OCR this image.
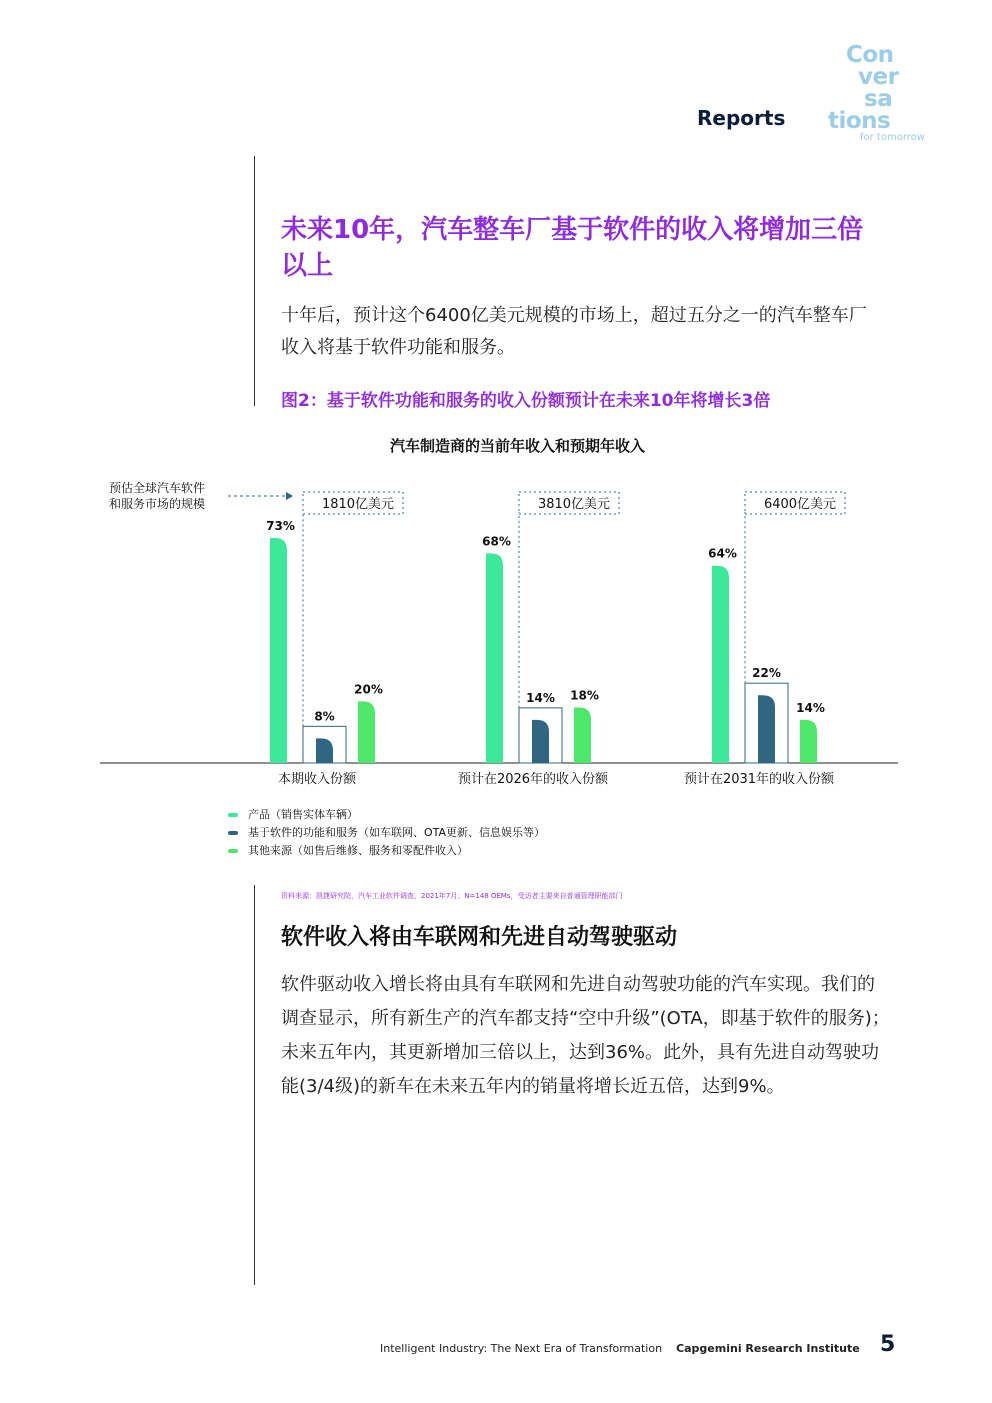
Reports
Con
ver
sa
tions
for tomorrow
未来10年，汽车整车厂基于软件的收入将增加三倍以上
十年后，预计这个6400亿美元规模的市场上，超过五分之一的汽车整车厂收入将基于软件功能和服务。
图2：基于软件功能和服务的收入份额预计在未来10年将增长3倍
汽车制造商的当前年收入和预期年收入
预估全球汽车软件
和服务市场的规模
73%
8%
20%
1810亿美元
本期收入份额
68%
14% 18%
3810亿美元
预计在2026年的收入份额
64%
22%
14%
6400亿美元
预计在2031年的收入份额
产品（销售实体车辆）
基于软件的功能和服务（如车联网、OTA更新、信息娱乐等）
其他来源（如售后维修、服务和零配件收入）
资料来源：凯捷研究院，汽车工业软件调查，2021年7月；N=148 OEMs，受访者主要来自普通管理职能部门
软件收入将由车联网和先进自动驾驶驱动
软件驱动收入增长将由具有车联网和先进自动驾驶功能的汽车实现。我们的调查显示，所有新生产的汽车都支持“空中升级”(OTA，即基于软件的服务)；　未来五年内，其更新增加三倍以上，达到36%。此外，具有先进自动驾驶功能(3/4级)的新车在未来五年内的销量将增长近五倍，达到9%。
Intelligent Industry: The Next Era of Transformation Capgemini Research Institute 5
